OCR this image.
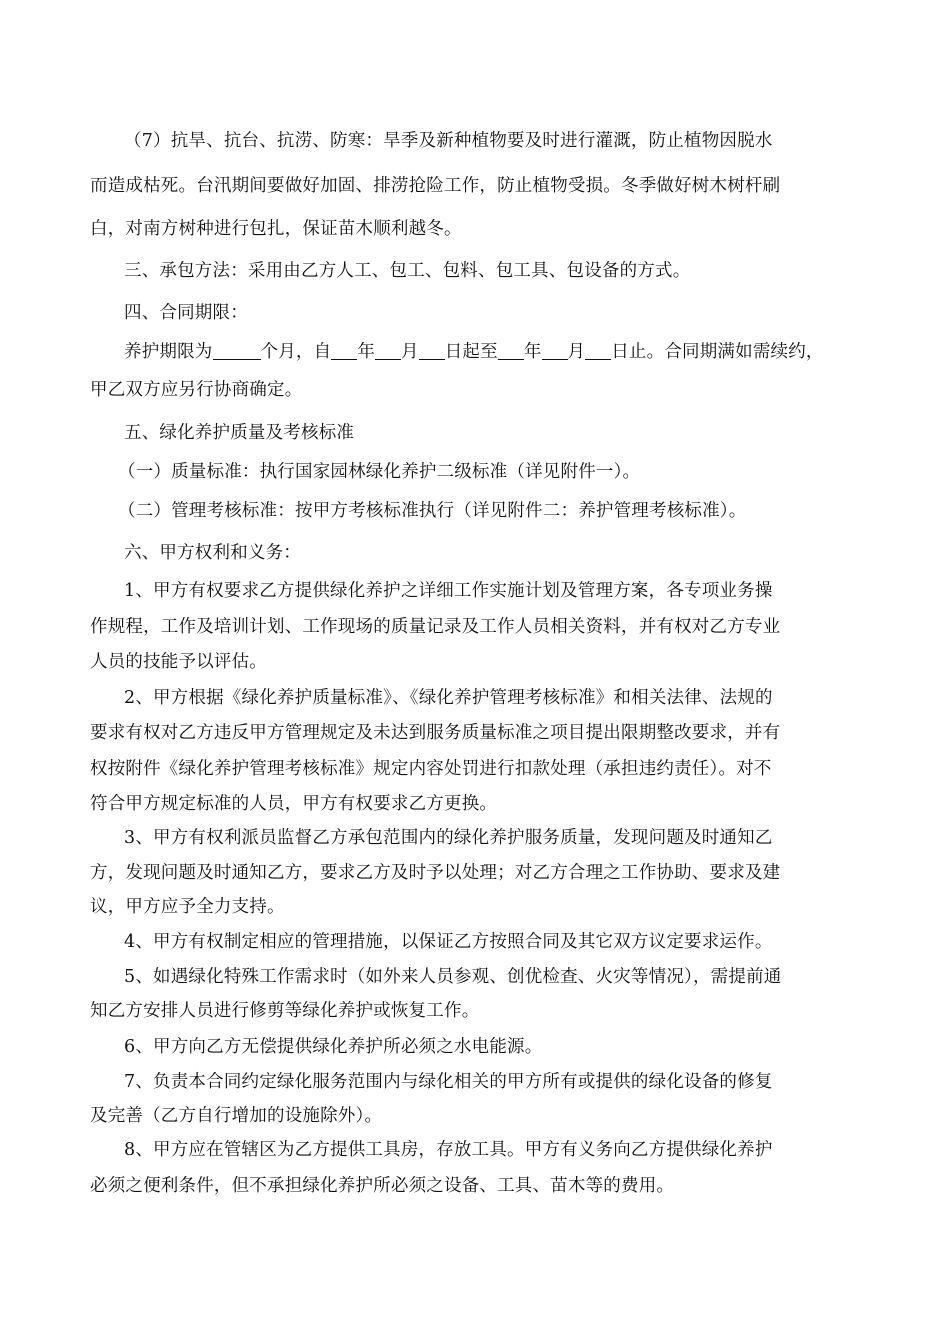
（7）抗旱、抗台、抗涝、防寒：旱季及新种植物要及时进行灌溉，防止植物因脱水
而造成枯死。台汛期间要做好加固、排涝抢险工作，防止植物受损。冬季做好树木树杆刷
白，对南方树种进行包扎，保证苗木顺利越冬。
三、承包方法：采用由乙方人工、包工、包料、包工具、包设备的方式。
四、合同期限：
养护期限为	个月，自 年 月 日起至 年 月 日止。合同期满如需续约，
甲乙双方应另行协商确定。
五、绿化养护质量及考核标准
（一）质量标准：执行国家园林绿化养护二级标准（详见附件一）。
（二）管理考核标准：按甲方考核标准执行（详见附件二：养护管理考核标准）。
六、甲方权利和义务：
1、甲方有权要求乙方提供绿化养护之详细工作实施计划及管理方案，各专项业务操
作规程，工作及培训计划、工作现场的质量记录及工作人员相关资料，并有权对乙方专业
人员的技能予以评估。
2、甲方根据《绿化养护质量标准》、《绿化养护管理考核标准》和相关法律、法规的
要求有权对乙方违反甲方管理规定及未达到服务质量标准之项目提出限期整改要求，并有
权按附件《绿化养护管理考核标准》规定内容处罚进行扣款处理（承担违约责任）。对不
符合甲方规定标准的人员，甲方有权要求乙方更换。
3、甲方有权利派员监督乙方承包范围内的绿化养护服务质量，发现问题及时通知乙
方，发现问题及时通知乙方，要求乙方及时予以处理；对乙方合理之工作协助、要求及建
议，甲方应予全力支持。
4、甲方有权制定相应的管理措施，以保证乙方按照合同及其它双方议定要求运作。
5、如遇绿化特殊工作需求时（如外来人员参观、创优检查、火灾等情况），需提前通
知乙方安排人员进行修剪等绿化养护或恢复工作。
6、甲方向乙方无偿提供绿化养护所必须之水电能源。
7、负责本合同约定绿化服务范围内与绿化相关的甲方所有或提供的绿化设备的修复
及完善（乙方自行增加的设施除外）。
8、甲方应在管辖区为乙方提供工具房，存放工具。甲方有义务向乙方提供绿化养护
必须之便利条件，但不承担绿化养护所必须之设备、工具、苗木等的费用。
